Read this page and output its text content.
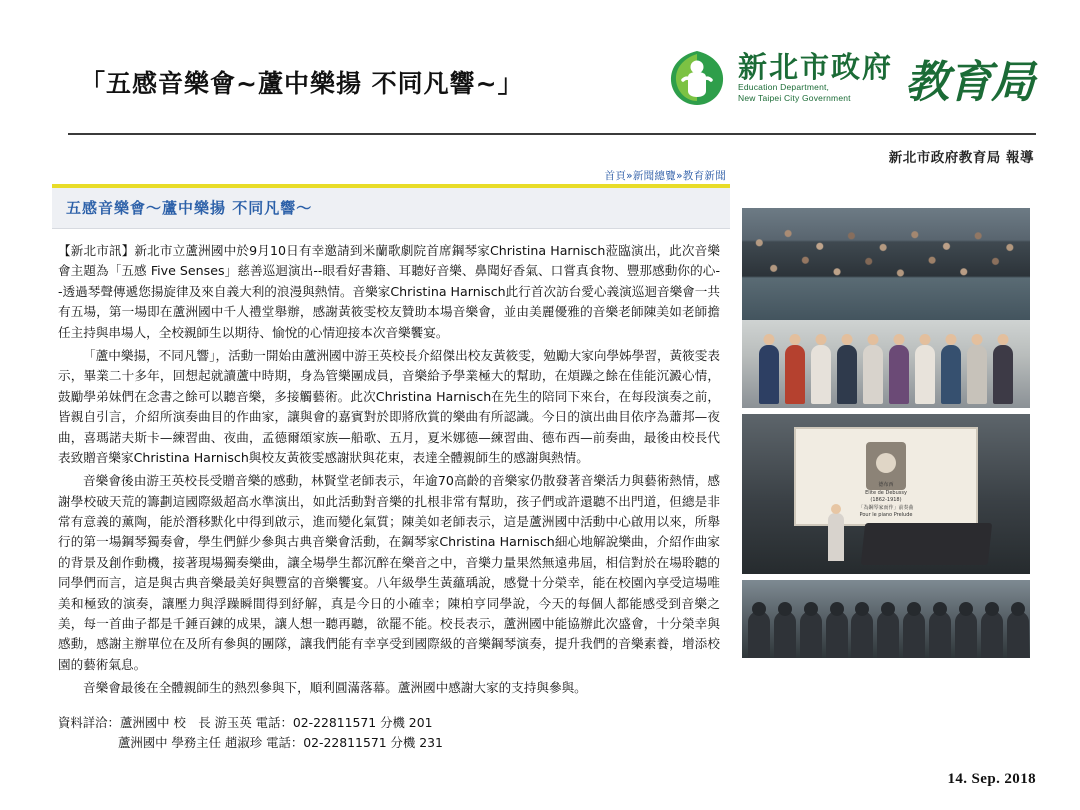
「五感音樂會~蘆中樂揚 不同凡響~」	新北市政府
Education Department,
New Taipei City Government	教育局
新北市政府教育局 報導
首頁»新聞總覽»教育新聞
五感音樂會～蘆中樂揚 不同凡響～

【新北市訊】新北市立蘆洲國中於9月10日有幸邀請到米蘭歌劇院首席鋼琴家Christina Harnisch蒞臨演出，此次音樂會主題為「五感 Five Senses」慈善巡迴演出--眼看好書籍、耳聽好音樂、鼻聞好香氣、口嘗真食物、豐那感動你的心--透過琴聲傳遞您揚旋律及來自義大利的浪漫與熱情。音樂家Christina Harnisch此行首次訪台愛心義演巡迴音樂會一共有五場，第一場即在蘆洲國中千人禮堂舉辦，感謝黃筱雯校友贊助本場音樂會，並由美麗優雅的音樂老師陳美如老師擔任主持與串場人，全校親師生以期待、愉悅的心情迎接本次音樂饗宴。

「蘆中樂揚，不同凡響」，活動一開始由蘆洲國中游王英校長介紹傑出校友黃筱雯，勉勵大家向學姊學習，黃筱雯表示，畢業二十多年，回想起就讀蘆中時期，身為管樂團成員，音樂給予學業極大的幫助，在煩躁之餘在佳能沉澱心情，鼓勵學弟妹們在念書之餘可以聽音樂，多接觸藝術。此次Christina Harnisch在先生的陪同下來台，在每段演奏之前，皆親自引言，介紹所演奏曲目的作曲家，讓與會的嘉賓對於即將欣賞的樂曲有所認識。今日的演出曲目依序為蕭邦—夜曲，喜瑪諾夫斯卡—練習曲、夜曲，孟德爾頌家族—船歌、五月，夏米娜德—練習曲、德布西—前奏曲，最後由校長代表致贈音樂家Christina Harnisch與校友黃筱雯感謝狀與花束，表達全體親師生的感謝與熱情。

音樂會後由游王英校長受贈音樂的感動，林賢堂老師表示，年逾70高齡的音樂家仍散發著音樂活力與藝術熱情，感謝學校破天荒的籌劃這國際級超高水準演出，如此活動對音樂的扎根非常有幫助，孩子們或許還聽不出門道，但總是非常有意義的薰陶，能於潛移默化中得到啟示，進而變化氣質；陳美如老師表示，這是蘆洲國中活動中心啟用以來，所舉行的第一場鋼琴獨奏會，學生們鮮少參與古典音樂會活動，在鋼琴家Christina Harnisch細心地解說樂曲，介紹作曲家的背景及創作動機，接著現場獨奏樂曲，讓全場學生都沉醉在樂音之中，音樂力量果然無遠弗屆，相信對於在場聆聽的同學們而言，這是與古典音樂最美好與豐富的音樂饗宴。八年級學生黃蘊瑀說，感覺十分榮幸，能在校園內享受這場唯美和極致的演奏，讓壓力與浮躁瞬間得到紓解，真是今日的小確幸；陳柏亨同學說，今天的每個人都能感受到音樂之美，每一首曲子都是千錘百鍊的成果，讓人想一聽再聽，欲罷不能。校長表示，蘆洲國中能協辦此次盛會，十分榮幸與感動，感謝主辦單位在及所有參與的團隊，讓我們能有幸享受到國際級的音樂鋼琴演奏，提升我們的音樂素養，增添校園的藝術氣息。

音樂會最後在全體親師生的熱烈參與下，順利圓滿落幕。蘆洲國中感謝大家的支持與參與。

資料詳洽：蘆洲國中 校　長 游玉英 電話：02-22811571 分機 201
蘆洲國中 學務主任 趙淑珍 電話：02-22811571 分機 231
德布西
Elite de Debussy
(1862-1918)
「為鋼琴家而作」前奏曲
Pour le piano Prelude
14. Sep. 2018
